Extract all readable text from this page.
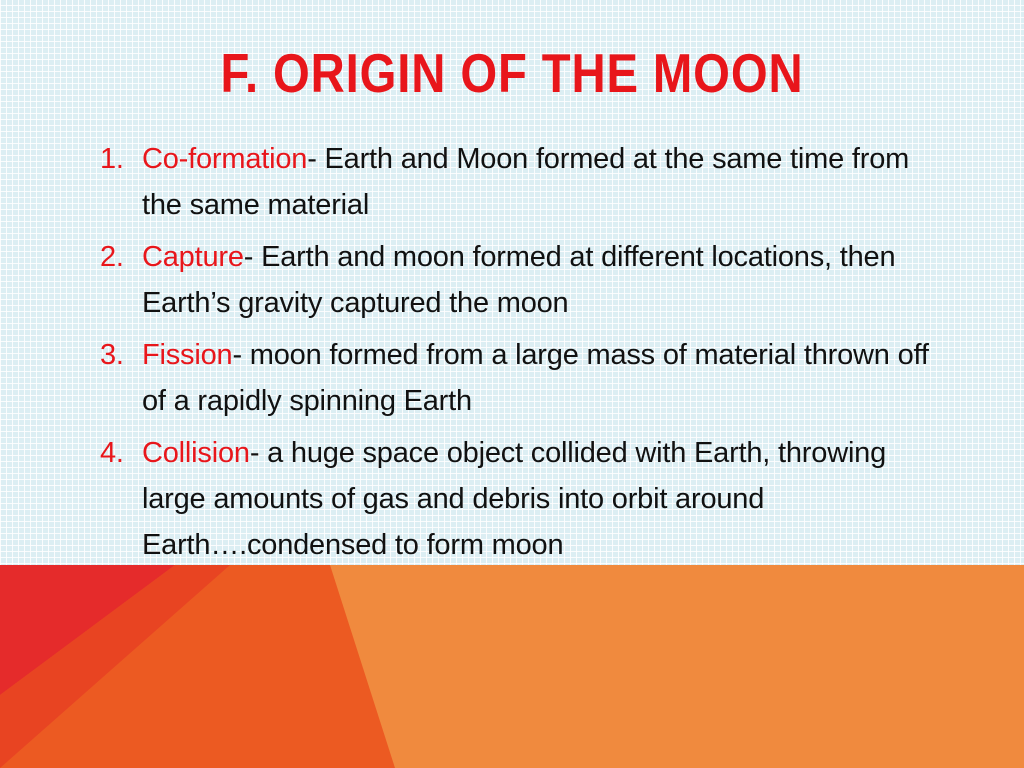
F. ORIGIN OF THE MOON
1. Co-formation- Earth and Moon formed at the same time from the same material
2. Capture- Earth and moon formed at different locations, then Earth’s gravity captured the moon
3. Fission- moon formed from a large mass of material thrown off of a rapidly spinning Earth
4. Collision- a huge space object collided with Earth, throwing large amounts of gas and debris into orbit around Earth….condensed to form moon
